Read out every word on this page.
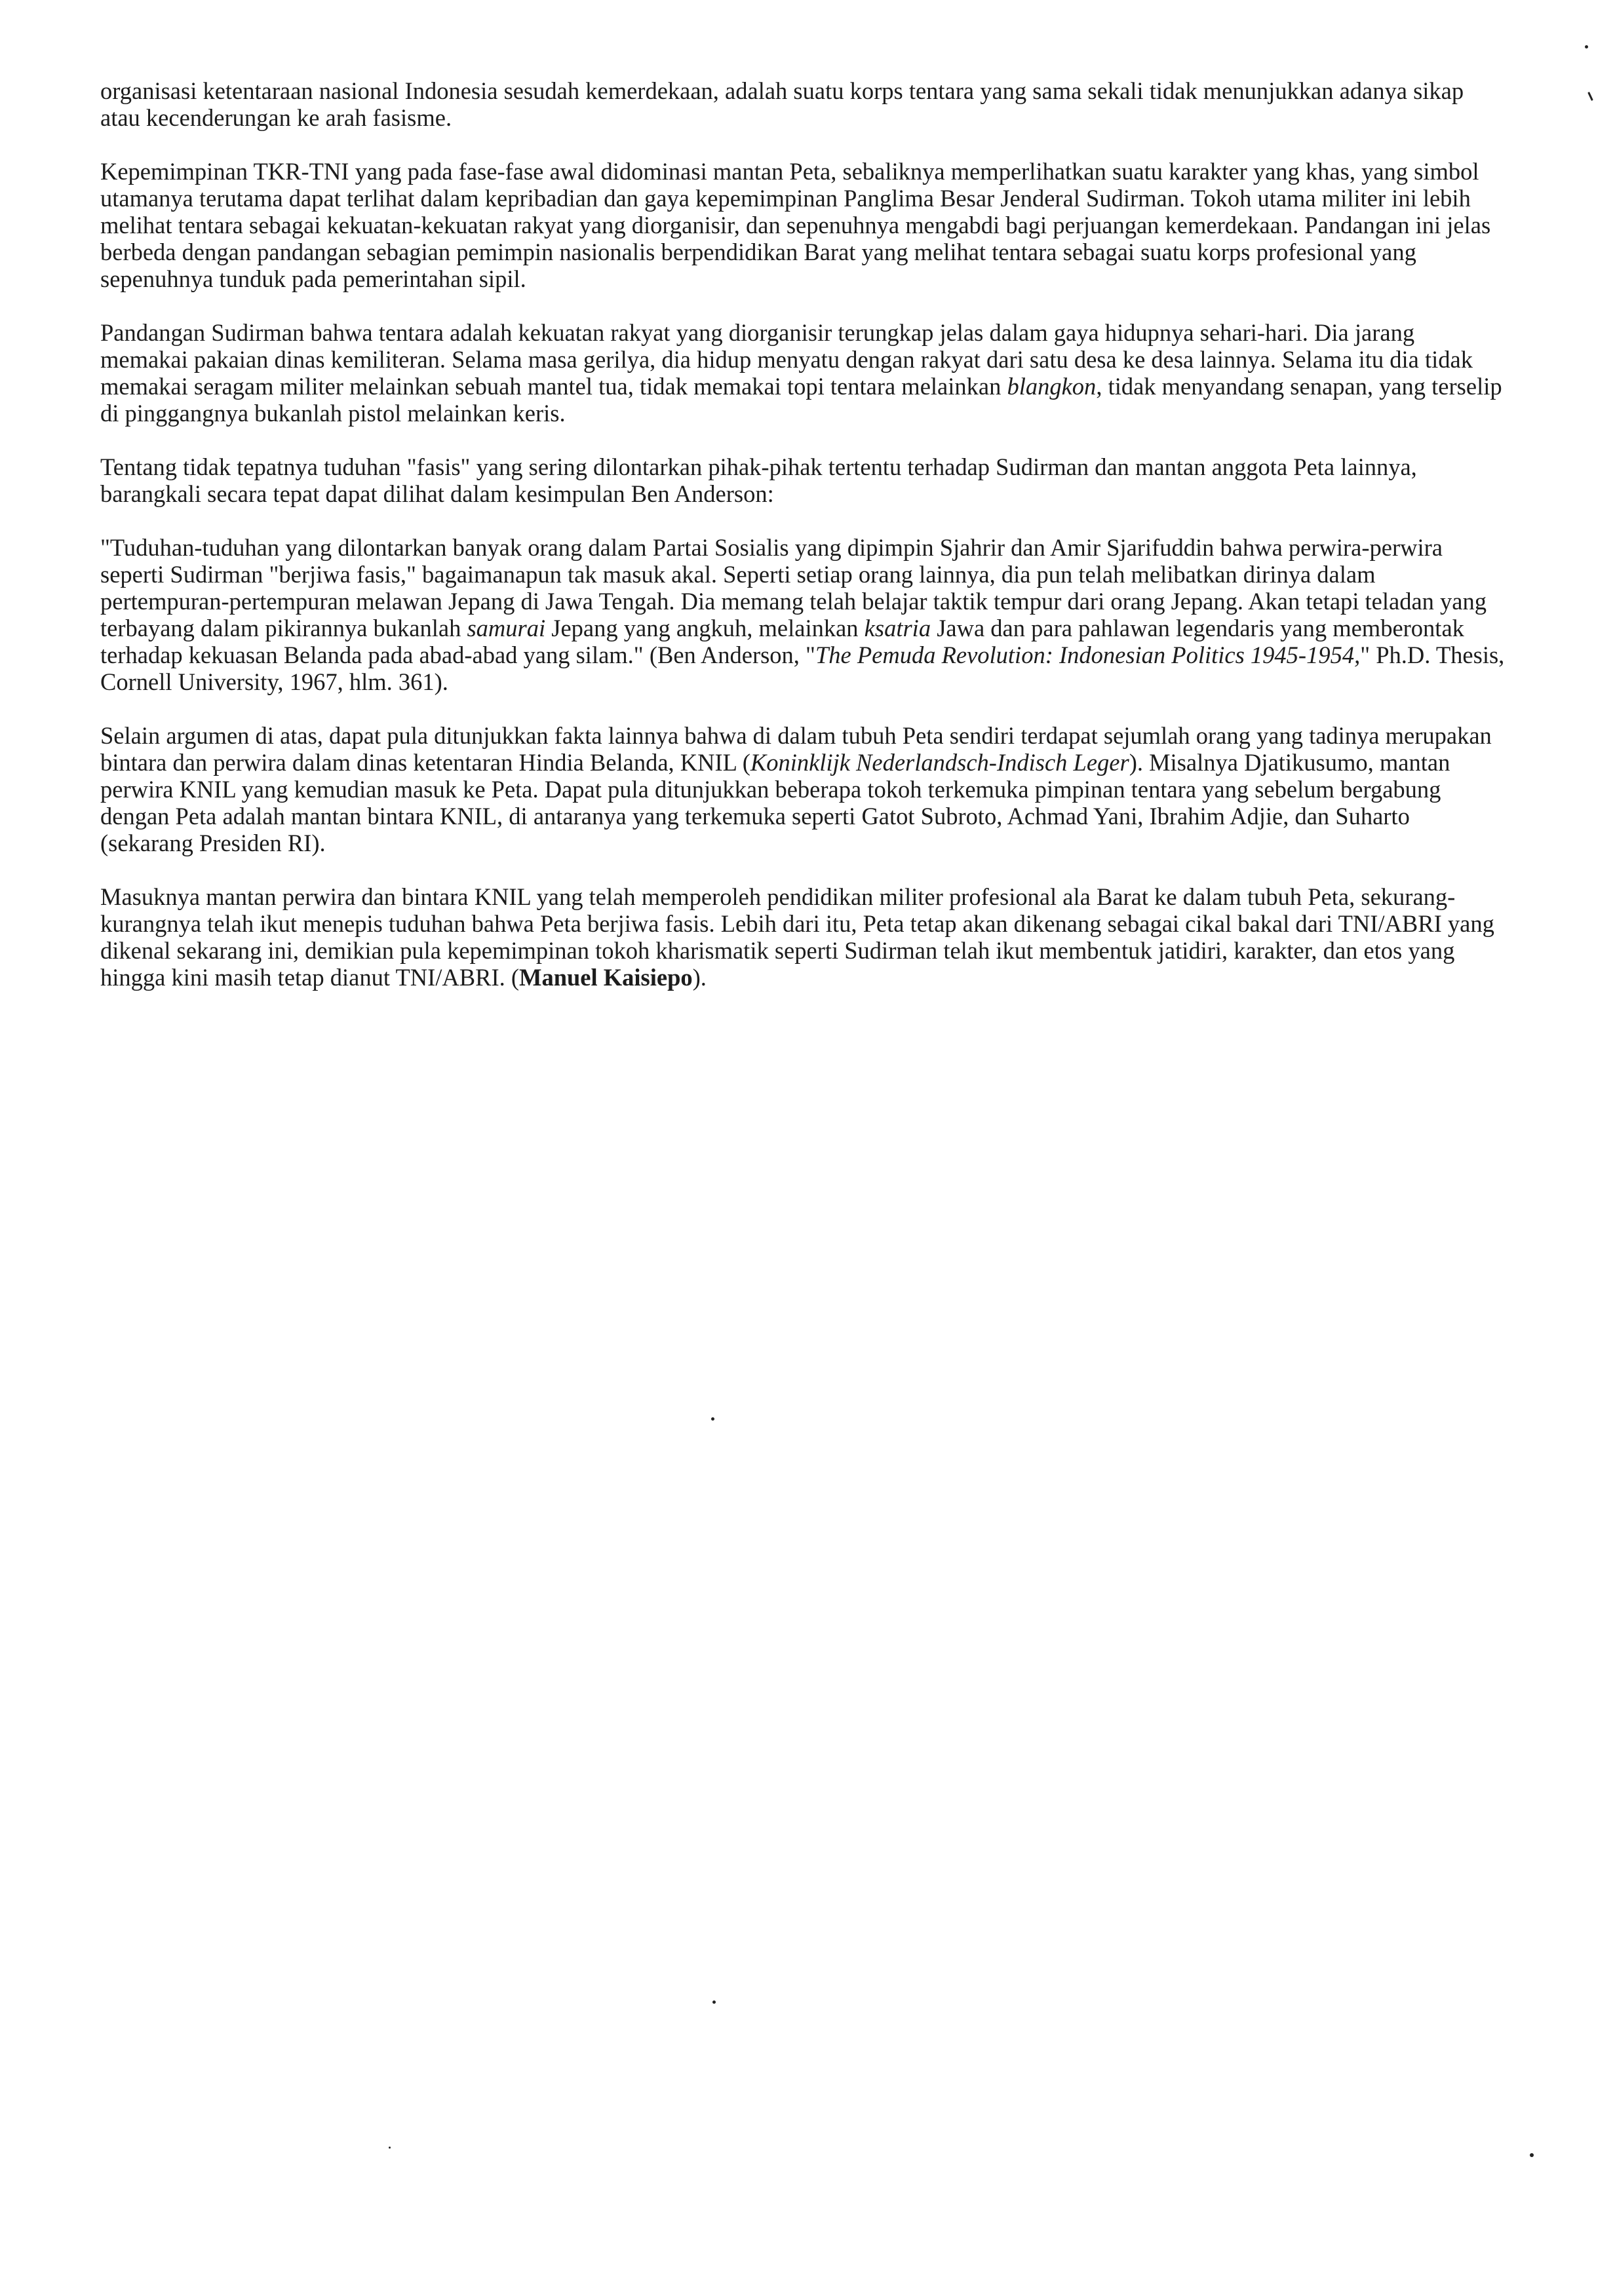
organisasi ketentaraan nasional Indonesia sesudah kemerdekaan, adalah suatu korps tentara yang sama sekali tidak menunjukkan adanya sikap atau kecenderungan ke arah fasisme.

Kepemimpinan TKR-TNI yang pada fase-fase awal didominasi mantan Peta, sebaliknya memperlihatkan suatu karakter yang khas, yang simbol utamanya terutama dapat terlihat dalam kepribadian dan gaya kepemimpinan Panglima Besar Jenderal Sudirman. Tokoh utama militer ini lebih melihat tentara sebagai kekuatan-kekuatan rakyat yang diorganisir, dan sepenuhnya mengabdi bagi perjuangan kemerdekaan. Pandangan ini jelas berbeda dengan pandangan sebagian pemimpin nasionalis berpendidikan Barat yang melihat tentara sebagai suatu korps profesional yang sepenuhnya tunduk pada pemerintahan sipil.

Pandangan Sudirman bahwa tentara adalah kekuatan rakyat yang diorganisir terungkap jelas dalam gaya hidupnya sehari-hari. Dia jarang memakai pakaian dinas kemiliteran. Selama masa gerilya, dia hidup menyatu dengan rakyat dari satu desa ke desa lainnya. Selama itu dia tidak memakai seragam militer melainkan sebuah mantel tua, tidak memakai topi tentara melainkan blangkon, tidak menyandang senapan, yang terselip di pinggangnya bukanlah pistol melainkan keris.

Tentang tidak tepatnya tuduhan "fasis" yang sering dilontarkan pihak-pihak tertentu terhadap Sudirman dan mantan anggota Peta lainnya, barangkali secara tepat dapat dilihat dalam kesimpulan Ben Anderson:

"Tuduhan-tuduhan yang dilontarkan banyak orang dalam Partai Sosialis yang dipimpin Sjahrir dan Amir Sjarifuddin bahwa perwira-perwira seperti Sudirman "berjiwa fasis," bagaimanapun tak masuk akal. Seperti setiap orang lainnya, dia pun telah melibatkan dirinya dalam pertempuran-pertempuran melawan Jepang di Jawa Tengah. Dia memang telah belajar taktik tempur dari orang Jepang. Akan tetapi teladan yang terbayang dalam pikirannya bukanlah samurai Jepang yang angkuh, melainkan ksatria Jawa dan para pahlawan legendaris yang memberontak terhadap kekuasan Belanda pada abad-abad yang silam." (Ben Anderson, "The Pemuda Revolution: Indonesian Politics 1945-1954," Ph.D. Thesis, Cornell University, 1967, hlm. 361).

Selain argumen di atas, dapat pula ditunjukkan fakta lainnya bahwa di dalam tubuh Peta sendiri terdapat sejumlah orang yang tadinya merupakan bintara dan perwira dalam dinas ketentaran Hindia Belanda, KNIL (Koninklijk Nederlandsch-Indisch Leger). Misalnya Djatikusumo, mantan perwira KNIL yang kemudian masuk ke Peta. Dapat pula ditunjukkan beberapa tokoh terkemuka pimpinan tentara yang sebelum bergabung dengan Peta adalah mantan bintara KNIL, di antaranya yang terkemuka seperti Gatot Subroto, Achmad Yani, Ibrahim Adjie, dan Suharto (sekarang Presiden RI).

Masuknya mantan perwira dan bintara KNIL yang telah memperoleh pendidikan militer profesional ala Barat ke dalam tubuh Peta, sekurang-kurangnya telah ikut menepis tuduhan bahwa Peta berjiwa fasis. Lebih dari itu, Peta tetap akan dikenang sebagai cikal bakal dari TNI/ABRI yang dikenal sekarang ini, demikian pula kepemimpinan tokoh kharismatik seperti Sudirman telah ikut membentuk jatidiri, karakter, dan etos yang hingga kini masih tetap dianut TNI/ABRI. (Manuel Kaisiepo).
